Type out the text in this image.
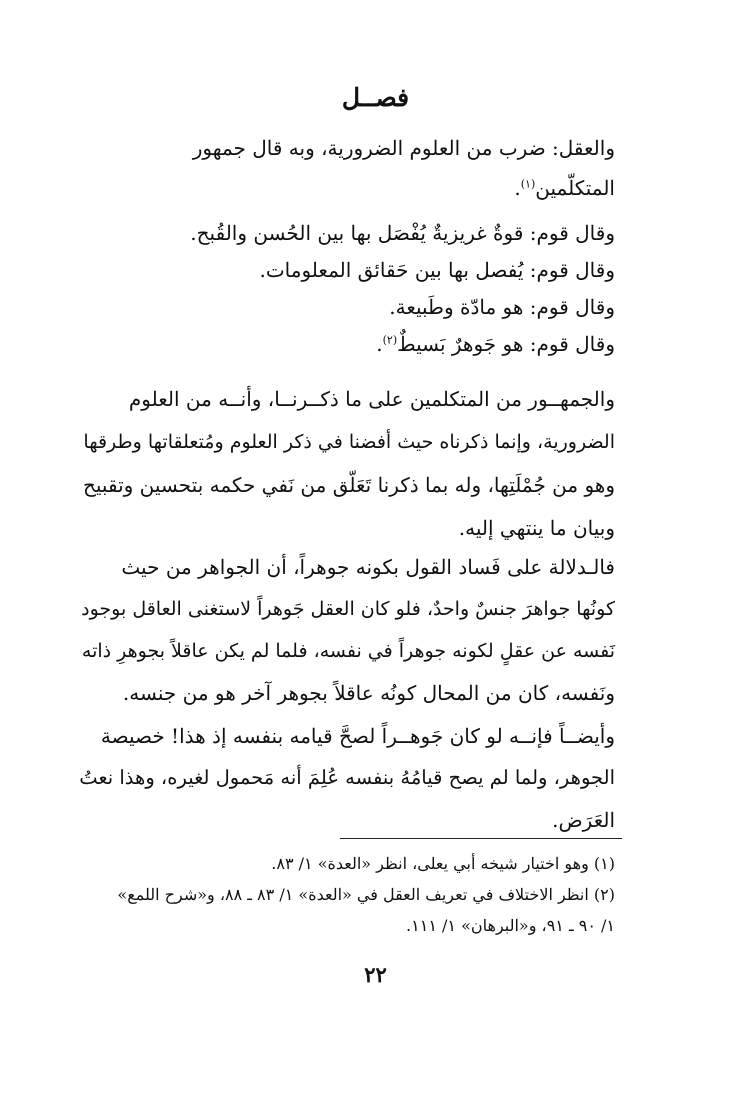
فصــل
والعقل: ضرب من العلوم الضرورية، وبه قال جمهور
المتكلّمين$^{(١)}$.
وقال قوم: قوةٌ غريزيةٌ يُفْصَل بها بين الحُسن والقُبح.
وقال قوم: يُفصل بها بين حَقائق المعلومات.
وقال قوم: هو مادّة وطَبيعة.
وقال قوم: هو جَوهرٌ بَسيطٌ$^{(٢)}$.
والجمهــور من المتكلمين على ما ذكــرنــا، وأنــه من العلوم
الضرورية، وإنما ذكرناه حيث أفضنا في ذكر العلوم ومُتعلقاتها وطرقها
وهو من جُمْلَتِها، وله بما ذكرنا تَعَلّق من نَفي حكمه بتحسين وتقبيح
وبيان ما ينتهي إليه.
فالـدلالة على فَساد القول بكونه جوهراً، أن الجواهر من حيث
كونُها جواهرَ جنسٌ واحدٌ، فلو كان العقل جَوهراً لاستغنى العاقل بوجود
نَفسه عن عقلٍ لكونه جوهراً في نفسه، فلما لم يكن عاقلاً بجوهرِ ذاته
ونَفسه، كان من المحال كونُه عاقلاً بجوهر آخر هو من جنسه.
وأيضــاً فإنــه لو كان جَوهــراً لصحَّ قيامه بنفسه إذ هذا! خصيصة
الجوهر، ولما لم يصح قيامُهُ بنفسه عُلِمَ أنه مَحمول لغيره، وهذا نعتُ
العَرَض.
(١) وهو اختيار شيخه أبي يعلى، انظر «العدة» ١/ ٨٣.
(٢) انظر الاختلاف في تعريف العقل في «العدة» ١/ ٨٣ ـ ٨٨، و«شرح اللمع»
١/ ٩٠ ـ ٩١، و«البرهان» ١/ ١١١.
٢٢
